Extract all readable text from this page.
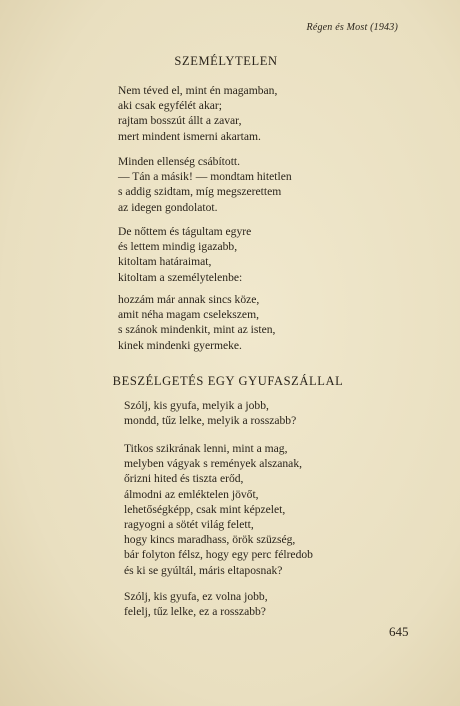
Régen és Most (1943)
SZEMÉLYTELEN
Nem téved el, mint én magamban,
aki csak egyfélét akar;
rajtam bosszút állt a zavar,
mert mindent ismerni akartam.
Minden ellenség csábított.
— Tán a másik! — mondtam hitetlen
s addig szidtam, míg megszerettem
az idegen gondolatot.
De nőttem és tágultam egyre
és lettem mindig igazabb,
kitoltam határaimat,
kitoltam a személytelenbe:
hozzám már annak sincs köze,
amit néha magam cselekszem,
s szánok mindenkit, mint az isten,
kinek mindenki gyermeke.
BESZÉLGETÉS EGY GYUFASZÁLLAL
Szólj, kis gyufa, melyik a jobb,
mondd, tűz lelke, melyik a rosszabb?
Titkos szikrának lenni, mint a mag,
melyben vágyak s remények alszanak,
őrizni hited és tiszta erőd,
álmodni az emléktelen jövőt,
lehetőségképp, csak mint képzelet,
ragyogni a sötét világ felett,
hogy kincs maradhass, örök szüzség,
bár folyton félsz, hogy egy perc félredob
és ki se gyúltál, máris eltaposnak?
Szólj, kis gyufa, ez volna jobb,
felelj, tűz lelke, ez a rosszabb?
645
